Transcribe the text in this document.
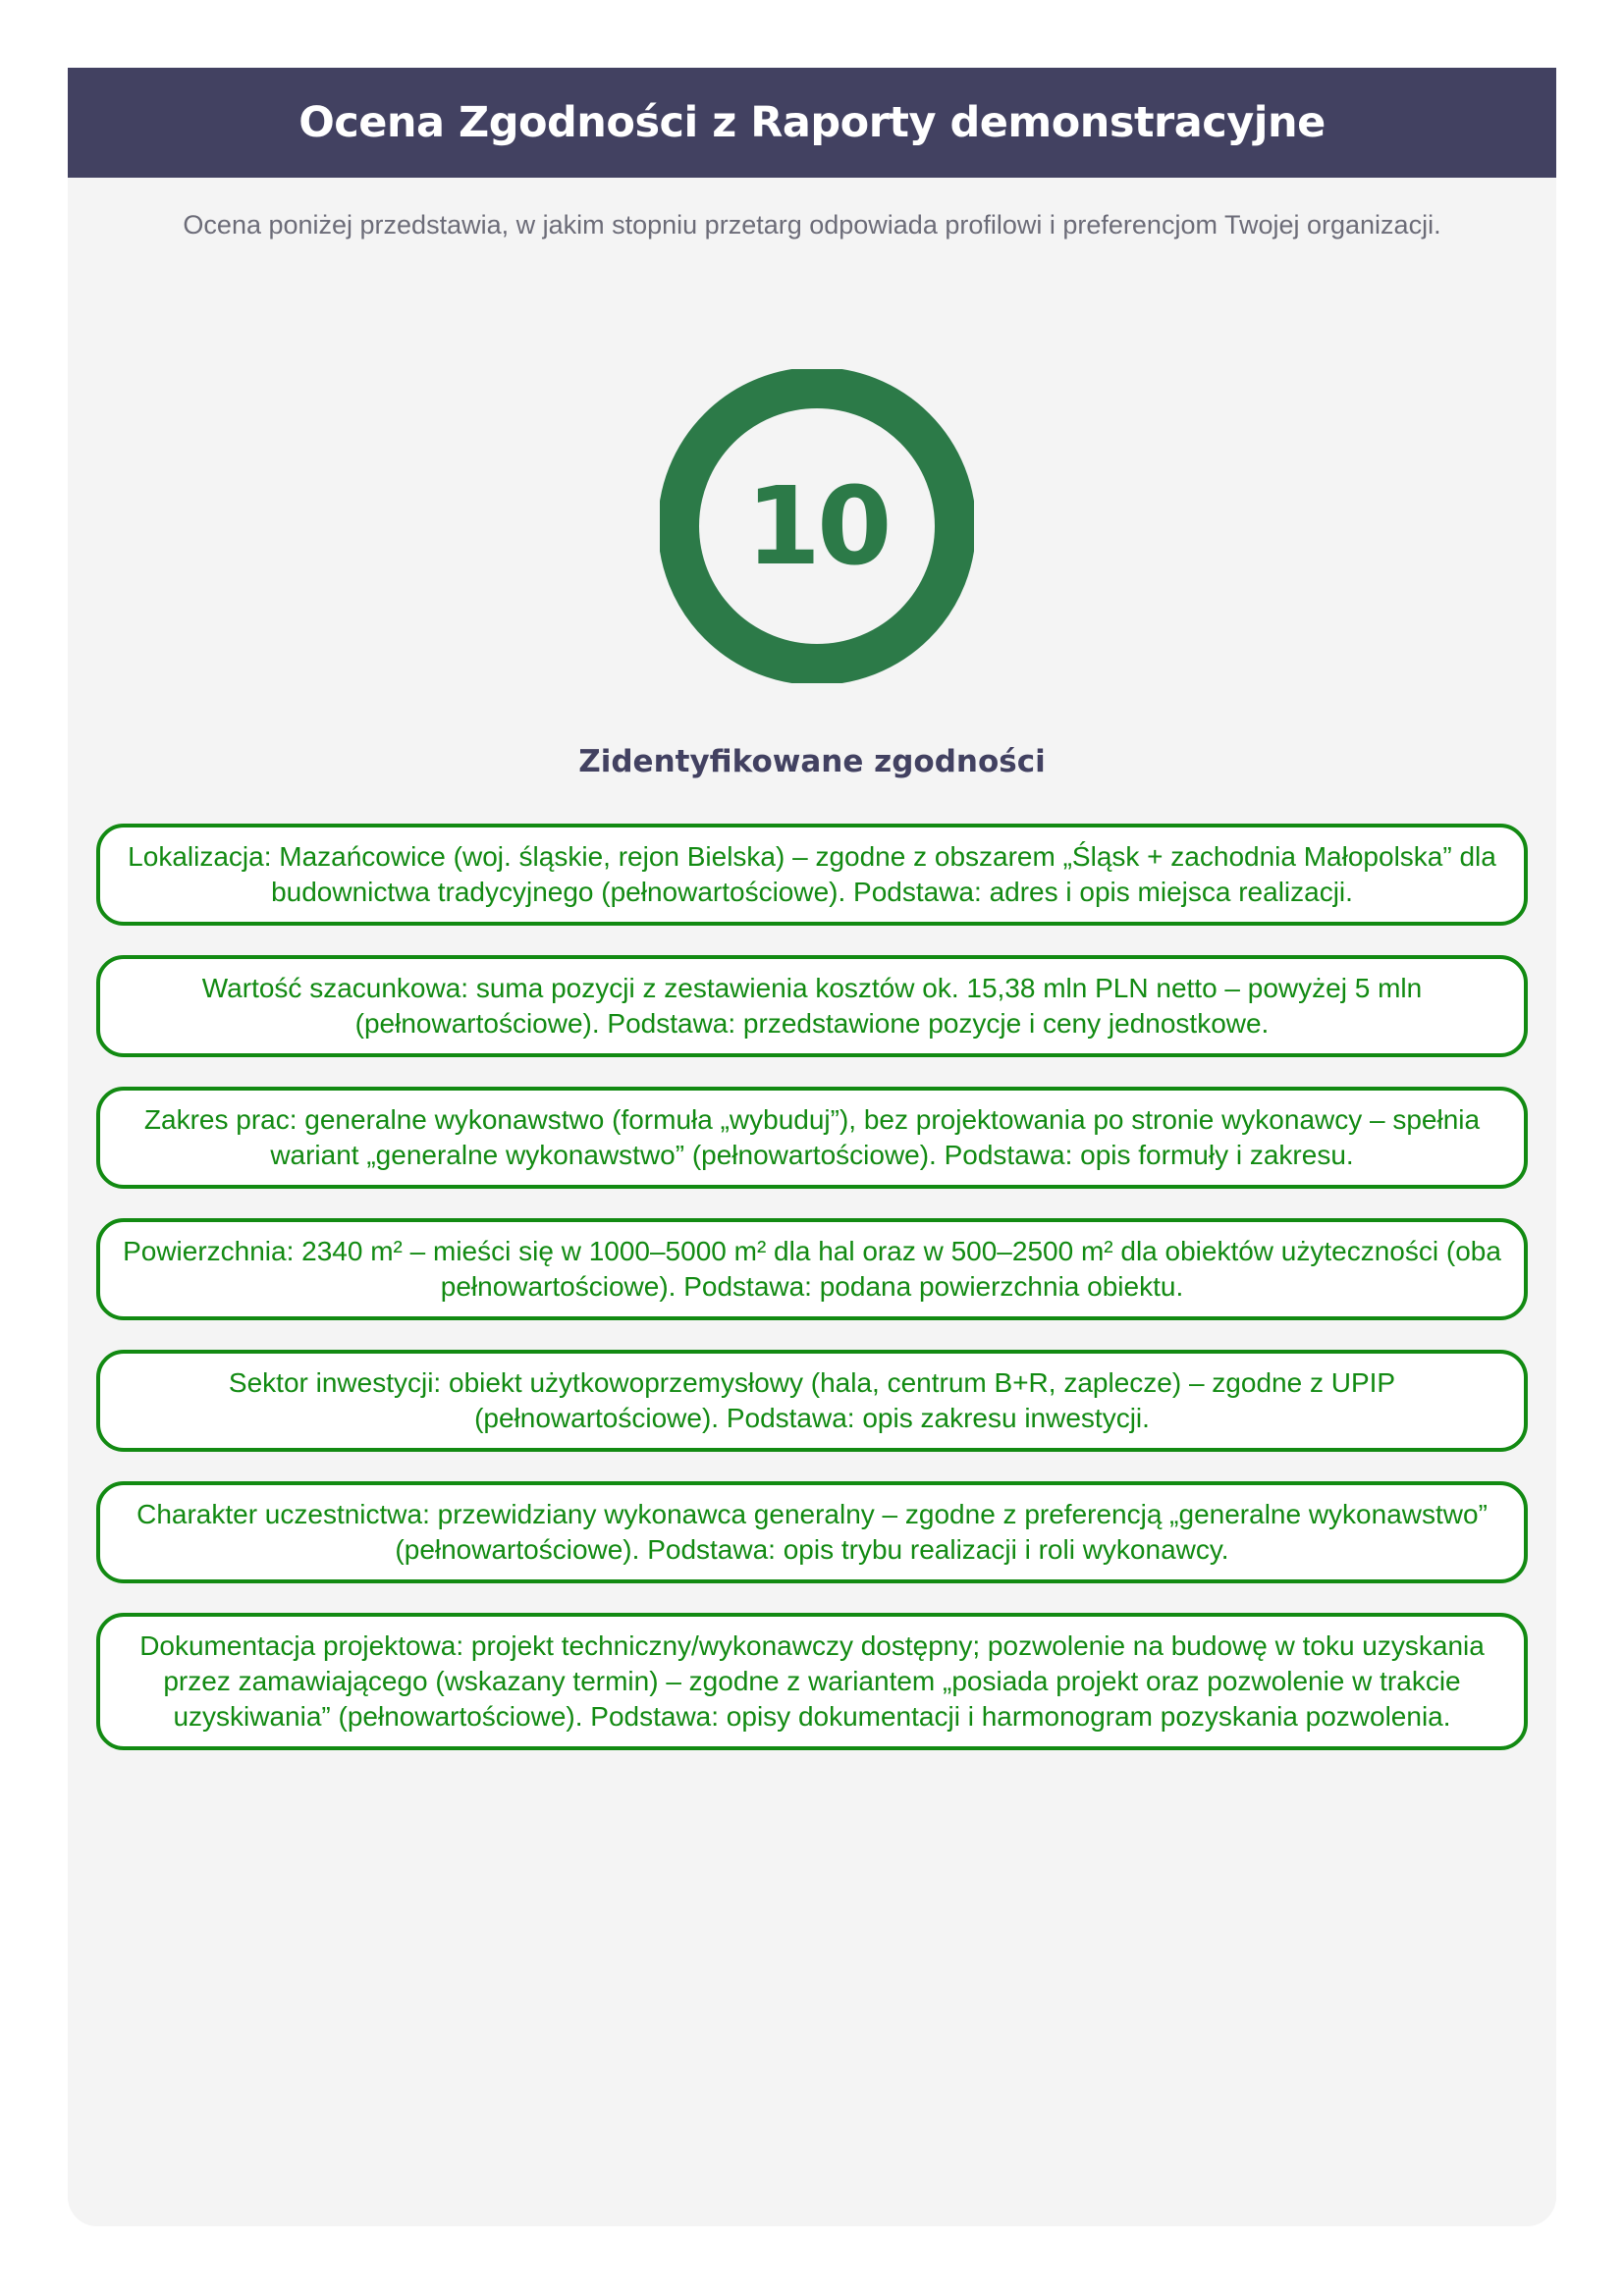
Ocena Zgodności z Raporty demonstracyjne

Ocena poniżej przedstawia, w jakim stopniu przetarg odpowiada profilowi i preferencjom Twojej organizacji.

10
Zidentyfikowane zgodności
Lokalizacja: Mazańcowice (woj. śląskie, rejon Bielska) – zgodne z obszarem „Śląsk + zachodnia Małopolska” dla budownictwa tradycyjnego (pełnowartościowe). Podstawa: adres i opis miejsca realizacji.
Wartość szacunkowa: suma pozycji z zestawienia kosztów ok. 15,38 mln PLN netto – powyżej 5 mln (pełnowartościowe). Podstawa: przedstawione pozycje i ceny jednostkowe.
Zakres prac: generalne wykonawstwo (formuła „wybuduj”), bez projektowania po stronie wykonawcy – spełnia wariant „generalne wykonawstwo” (pełnowartościowe). Podstawa: opis formuły i zakresu.
Powierzchnia: 2340 m² – mieści się w 1000–5000 m² dla hal oraz w 500–2500 m² dla obiektów użyteczności (oba pełnowartościowe). Podstawa: podana powierzchnia obiektu.
Sektor inwestycji: obiekt użytkowoprzemysłowy (hala, centrum B+R, zaplecze) – zgodne z UPIP (pełnowartościowe). Podstawa: opis zakresu inwestycji.
Charakter uczestnictwa: przewidziany wykonawca generalny – zgodne z preferencją „generalne wykonawstwo” (pełnowartościowe). Podstawa: opis trybu realizacji i roli wykonawcy.
Dokumentacja projektowa: projekt techniczny/wykonawczy dostępny; pozwolenie na budowę w toku uzyskania przez zamawiającego (wskazany termin) – zgodne z wariantem „posiada projekt oraz pozwolenie w trakcie uzyskiwania” (pełnowartościowe). Podstawa: opisy dokumentacji i harmonogram pozyskania pozwolenia.
